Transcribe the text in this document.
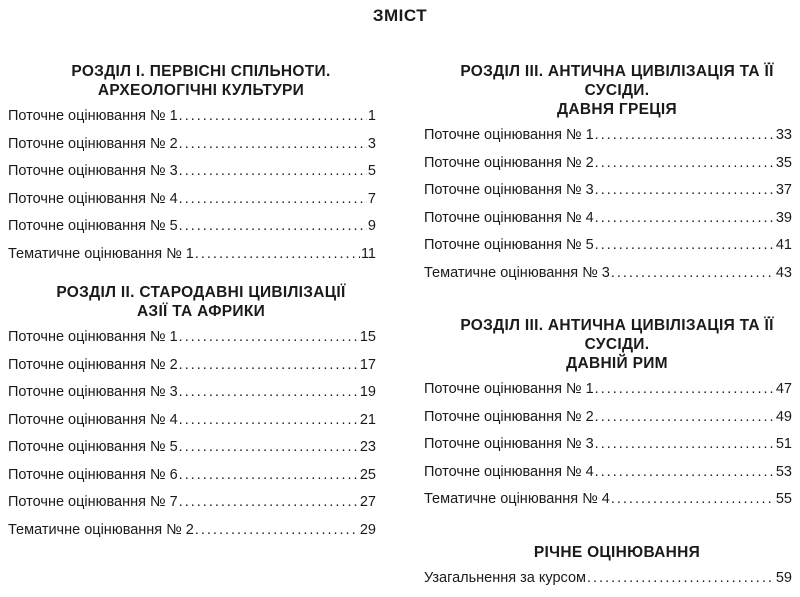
ЗМІСТ
РОЗДІЛ І. ПЕРВІСНІ СПІЛЬНОТИ.
АРХЕОЛОГІЧНІ КУЛЬТУРИ
Поточне оцінювання № 1 .....	1
Поточне оцінювання № 2 .....	3
Поточне оцінювання № 3 .....	5
Поточне оцінювання № 4 .....	7
Поточне оцінювання № 5 .....	9
Тематичне оцінювання № 1 .....	11
РОЗДІЛ ІІ. СТАРОДАВНІ ЦИВІЛІЗАЦІЇ
АЗІЇ ТА АФРИКИ
Поточне оцінювання № 1 .....	15
Поточне оцінювання № 2 .....	17
Поточне оцінювання № 3 .....	19
Поточне оцінювання № 4 .....	21
Поточне оцінювання № 5 .....	23
Поточне оцінювання № 6 .....	25
Поточне оцінювання № 7 .....	27
Тематичне оцінювання № 2 .....	29
РОЗДІЛ ІІІ. АНТИЧНА ЦИВІЛІЗАЦІЯ ТА ЇЇ СУСІДИ.
ДАВНЯ ГРЕЦІЯ
Поточне оцінювання № 1 .....	33
Поточне оцінювання № 2 .....	35
Поточне оцінювання № 3 .....	37
Поточне оцінювання № 4 .....	39
Поточне оцінювання № 5 .....	41
Тематичне оцінювання № 3 .....	43
РОЗДІЛ ІІІ. АНТИЧНА ЦИВІЛІЗАЦІЯ ТА ЇЇ СУСІДИ.
ДАВНІЙ РИМ
Поточне оцінювання № 1 .....	47
Поточне оцінювання № 2 .....	49
Поточне оцінювання № 3 .....	51
Поточне оцінювання № 4 .....	53
Тематичне оцінювання № 4 .....	55
РІЧНЕ ОЦІНЮВАННЯ
Узагальнення за курсом .....	59
